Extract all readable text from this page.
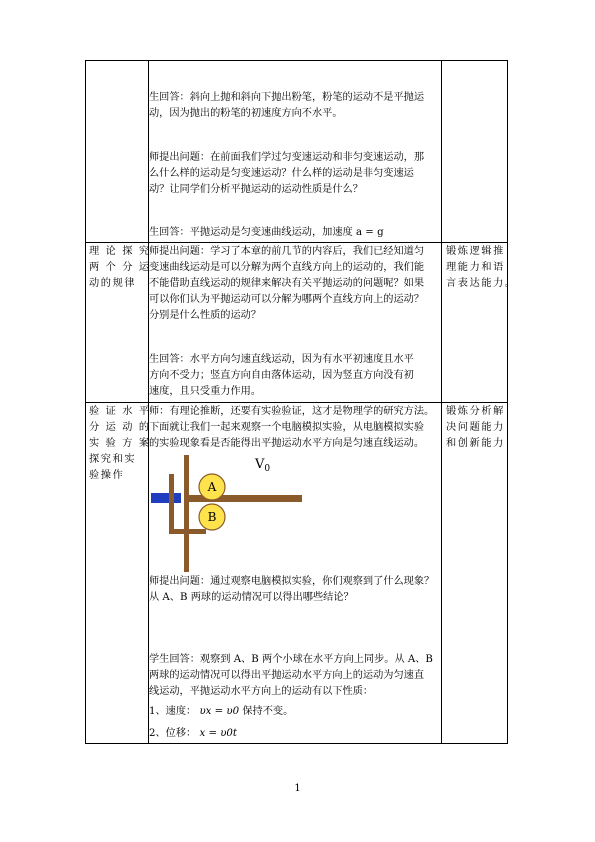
生回答：斜向上抛和斜向下抛出粉笔，粉笔的运动不是平抛运
动，因为抛出的粉笔的初速度方向不水平。
师提出问题：在前面我们学过匀变速运动和非匀变速运动，那
么什么样的运动是匀变速运动？什么样的运动是非匀变速运
动？让同学们分析平抛运动的运动性质是什么？
生回答：平抛运动是匀变速曲线运动，加速度 a = g
理 论 探 究
两 个 分 运
动的规律
师提出问题：学习了本章的前几节的内容后，我们已经知道匀
变速曲线运动是可以分解为两个直线方向上的运动的，我们能
不能借助直线运动的规律来解决有关平抛运动的问题呢？如果
可以你们认为平抛运动可以分解为哪两个直线方向上的运动？
分别是什么性质的运动？
生回答：水平方向匀速直线运动，因为有水平初速度且水平
方向不受力；竖直方向自由落体运动，因为竖直方向没有初
速度，且只受重力作用。
锻炼逻辑推
理能力和语
言表达能力。
验 证 水 平
分 运 动 的
实 验 方 案
探究和实
验操作
师：有理论推断，还要有实验验证，这才是物理学的研究方法。
下面就让我们一起来观察一个电脑模拟实验，从电脑模拟实验
的实验现象看是否能得出平抛运动水平方向是匀速直线运动。
A
B
$V_0$
师提出问题：通过观察电脑模拟实验，你们观察到了什么现象？
从 A、B 两球的运动情况可以得出哪些结论？
学生回答：观察到 A、B 两个小球在水平方向上同步。从 A、B
两球的运动情况可以得出平抛运动水平方向上的运动为匀速直
线运动，平抛运动水平方向上的运动有以下性质：
1、速度： υx = υ0 保持不变。
2、位移： x = υ0t
锻炼分析解
决问题能力
和创新能力
1
